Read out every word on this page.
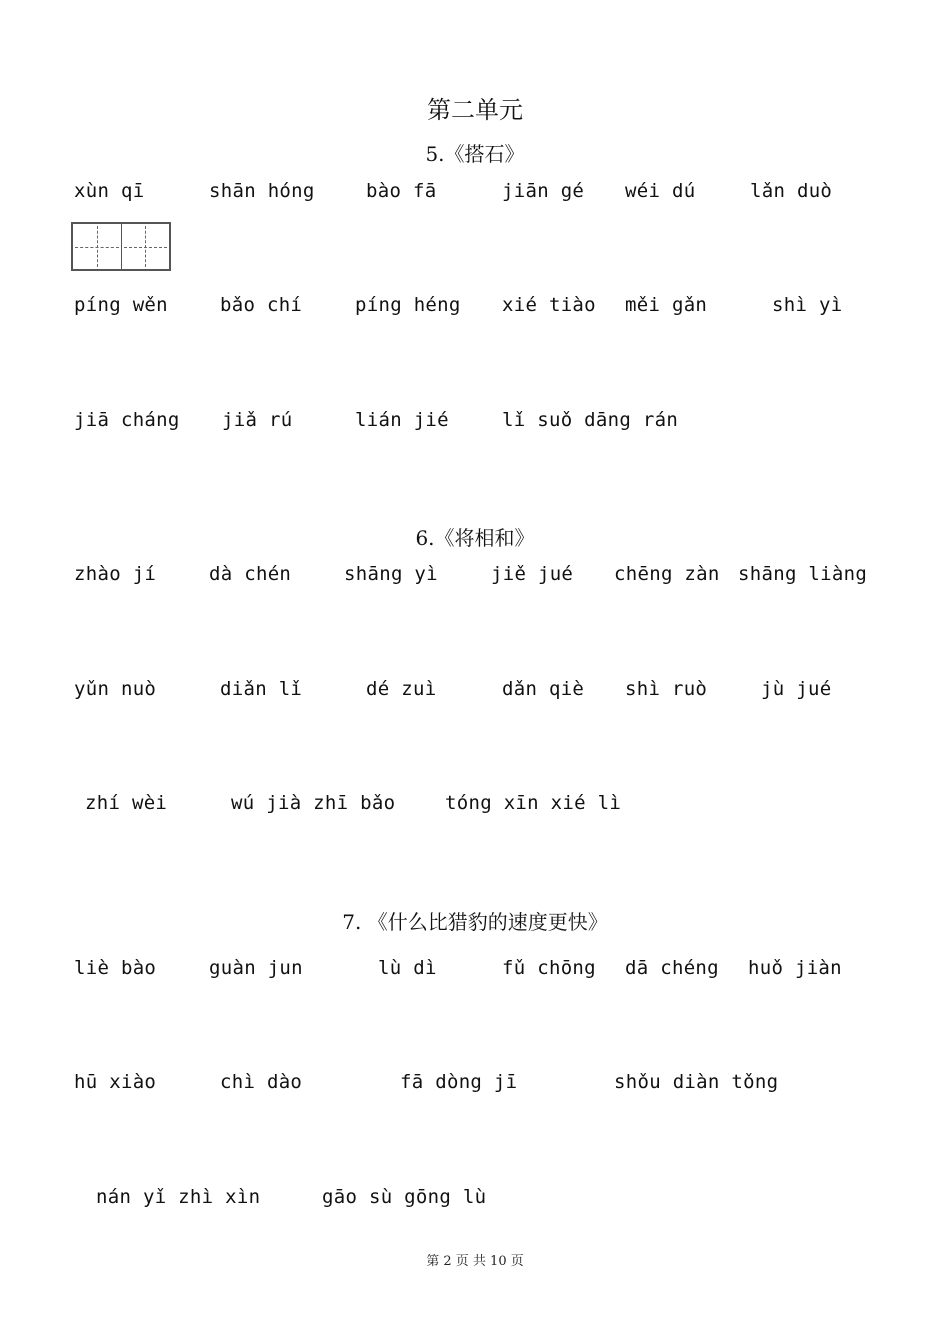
第二单元
5.《搭石》
xùn qī	shān hóng	bào fā	jiān gé wéi dú	lǎn duò
píng wěn	bǎo chí	píng héng xié tiào měi gǎn	shì yì
jiā cháng jiǎ rú	lián jié	lǐ suǒ dāng rán
6.《将相和》
zhào jí	dà chén	shāng yì	jiě jué chēng zàn shāng liàng
yǔn nuò	diǎn lǐ	dé zuì	dǎn qiè shì ruò	jù jué
zhí wèi	wú jià zhī bǎo	tóng xīn xié lì
7. 《什么比猎豹的速度更快》
liè bào	guàn jun	lù dì	fǔ chōng dā chéng huǒ jiàn
hū xiào	chì dào	fā dòng jī	shǒu diàn tǒng
nán yǐ zhì xìn	gāo sù gōng lù
第 2 页 共 10 页
